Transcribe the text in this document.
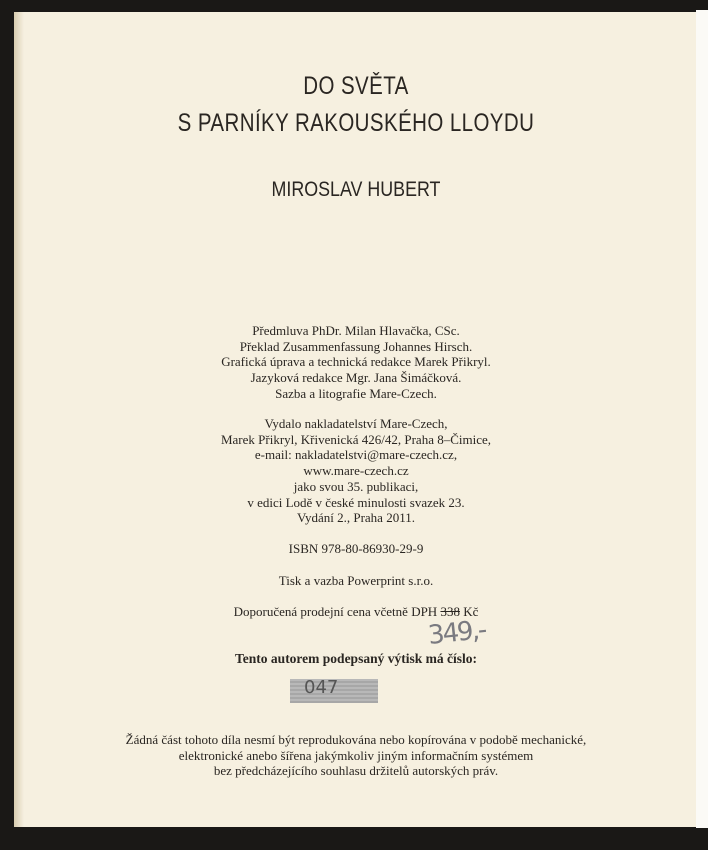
DO SVĚTA
S PARNÍKY RAKOUSKÉHO LLOYDU
MIROSLAV HUBERT
Předmluva PhDr. Milan Hlavačka, CSc.
Překlad Zusammenfassung Johannes Hirsch.
Grafická úprava a technická redakce Marek Přikryl.
Jazyková redakce Mgr. Jana Šimáčková.
Sazba a litografie Mare-Czech.
Vydalo nakladatelství Mare-Czech,
Marek Přikryl, Křivenická 426/42, Praha 8–Čimice,
e-mail: nakladatelstvi@mare-czech.cz,
www.mare-czech.cz
jako svou 35. publikaci,
v edici Lodě v české minulosti svazek 23.
Vydání 2., Praha 2011.
ISBN 978-80-86930-29-9
Tisk a vazba Powerprint s.r.o.
Doporučená prodejní cena včetně DPH 338 Kč
349,-
Tento autorem podepsaný výtisk má číslo:
047
Žádná část tohoto díla nesmí být reprodukována nebo kopírována v podobě mechanické,
elektronické anebo šířena jakýmkoliv jiným informačním systémem
bez předcházejícího souhlasu držitelů autorských práv.
